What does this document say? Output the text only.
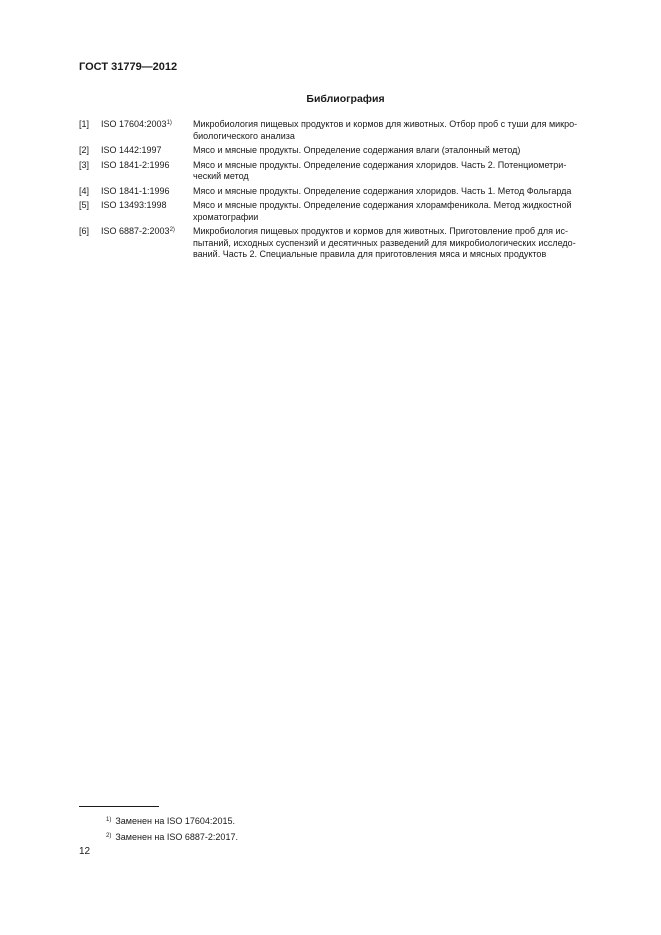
ГОСТ 31779—2012
Библиография
[1]	ISO 17604:2003$^{1)}$	Микробиология пищевых продуктов и кормов для животных. Отбор проб с туши для микро-
биологического анализа
[2]	ISO 1442:1997	Мясо и мясные продукты. Определение содержания влаги (эталонный метод)
[3]	ISO 1841-2:1996	Мясо и мясные продукты. Определение содержания хлоридов. Часть 2. Потенциометри-
ческий метод
[4]	ISO 1841-1:1996	Мясо и мясные продукты. Определение содержания хлоридов. Часть 1. Метод Фольгарда
[5]	ISO 13493:1998	Мясо и мясные продукты. Определение содержания хлорамфеникола. Метод жидкостной
хроматографии
[6]	ISO 6887-2:2003$^{2)}$	Микробиология пищевых продуктов и кормов для животных. Приготовление проб для ис-
пытаний, исходных суспензий и десятичных разведений для микробиологических исследо-
ваний. Часть 2. Специальные правила для приготовления мяса и мясных продуктов
$^{1)}$ Заменен на ISO 17604:2015.
$^{2)}$ Заменен на ISO 6887-2:2017.
12
